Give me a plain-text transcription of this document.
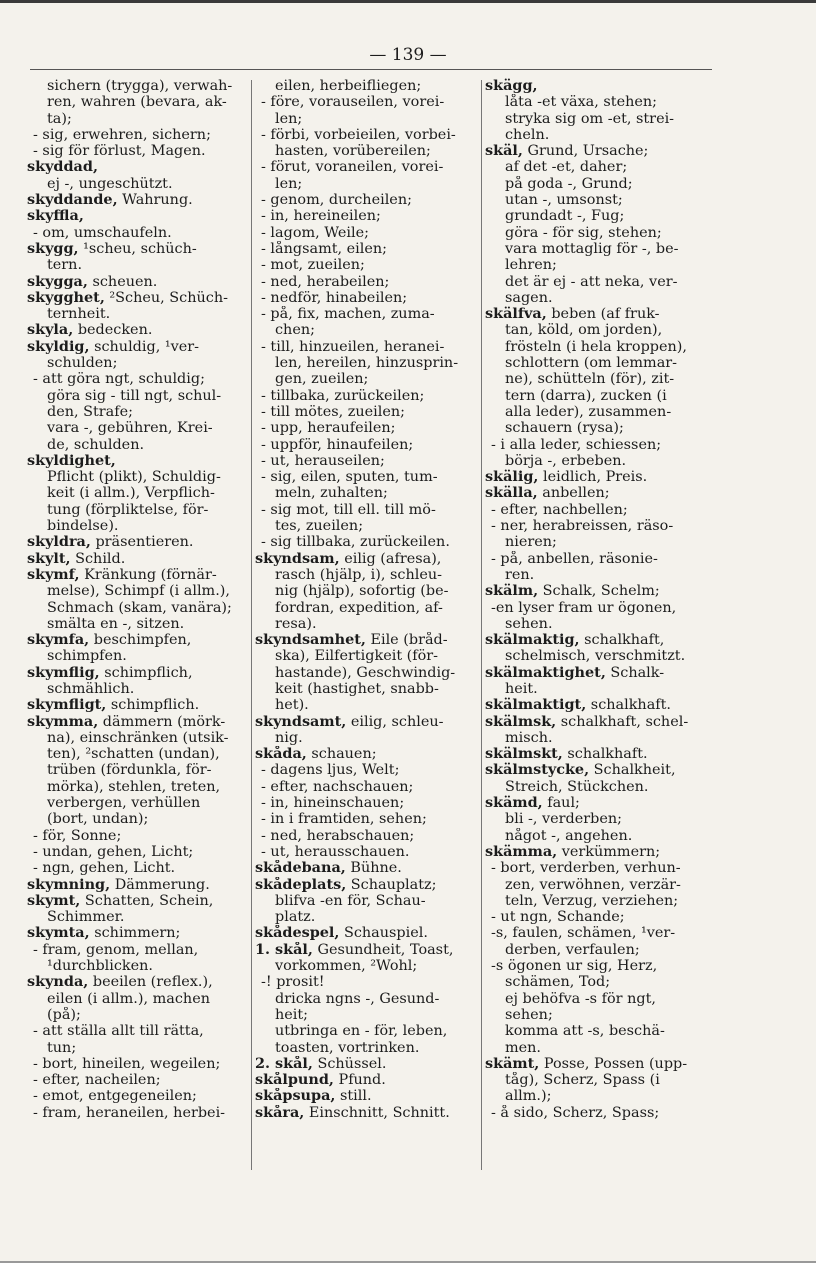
— 139 —
sichern (trygga), verwah-
ren, wahren (bevara, ak-
ta);
- sig, erwehren, sichern;
- sig för förlust, Magen.
skyddad,
ej -, ungeschützt.
skyddande, Wahrung.
skyffla,
- om, umschaufeln.
skygg, ¹scheu, schüch-
tern.
skygga, scheuen.
skygghet, ²Scheu, Schüch-
ternheit.
skyla, bedecken.
skyldig, schuldig, ¹ver-
schulden;
- att göra ngt, schuldig;
göra sig - till ngt, schul-
den, Strafe;
vara -, gebühren, Krei-
de, schulden.
skyldighet,
Pflicht (plikt), Schuldig-
keit (i allm.), Verpflich-
tung (förpliktelse, för-
bindelse).
skyldra, präsentieren.
skylt, Schild.
skymf, Kränkung (förnär-
melse), Schimpf (i allm.),
Schmach (skam, vanära);
smälta en -, sitzen.
skymfa, beschimpfen,
schimpfen.
skymflig, schimpflich,
schmählich.
skymfligt, schimpflich.
skymma, dämmern (mörk-
na), einschränken (utsik-
ten), ²schatten (undan),
trüben (fördunkla, för-
mörka), stehlen, treten,
verbergen, verhüllen
(bort, undan);
- för, Sonne;
- undan, gehen, Licht;
- ngn, gehen, Licht.
skymning, Dämmerung.
skymt, Schatten, Schein,
Schimmer.
skymta, schimmern;
- fram, genom, mellan,
¹durchblicken.
skynda, beeilen (reflex.),
eilen (i allm.), machen
(på);
- att ställa allt till rätta,
tun;
- bort, hineilen, wegeilen;
- efter, nacheilen;
- emot, entgegeneilen;
- fram, heraneilen, herbei-
eilen, herbeifliegen;
- före, vorauseilen, vorei-
len;
- förbi, vorbeieilen, vorbei-
hasten, vorübereilen;
- förut, voraneilen, vorei-
len;
- genom, durcheilen;
- in, hereineilen;
- lagom, Weile;
- långsamt, eilen;
- mot, zueilen;
- ned, herabeilen;
- nedför, hinabeilen;
- på, fix, machen, zuma-
chen;
- till, hinzueilen, heranei-
len, hereilen, hinzusprin-
gen, zueilen;
- tillbaka, zurückeilen;
- till mötes, zueilen;
- upp, heraufeilen;
- uppför, hinaufeilen;
- ut, herauseilen;
- sig, eilen, sputen, tum-
meln, zuhalten;
- sig mot, till ell. till mö-
tes, zueilen;
- sig tillbaka, zurückeilen.
skyndsam, eilig (afresa),
rasch (hjälp, i), schleu-
nig (hjälp), sofortig (be-
fordran, expedition, af-
resa).
skyndsamhet, Eile (bråd-
ska), Eilfertigkeit (för-
hastande), Geschwindig-
keit (hastighet, snabb-
het).
skyndsamt, eilig, schleu-
nig.
skåda, schauen;
- dagens ljus, Welt;
- efter, nachschauen;
- in, hineinschauen;
- in i framtiden, sehen;
- ned, herabschauen;
- ut, herausschauen.
skådebana, Bühne.
skådeplats, Schauplatz;
blifva -en för, Schau-
platz.
skådespel, Schauspiel.
1. skål, Gesundheit, Toast,
vorkommen, ²Wohl;
-! prosit!
dricka ngns -, Gesund-
heit;
utbringa en - för, leben,
toasten, vortrinken.
2. skål, Schüssel.
skålpund, Pfund.
skåpsupa, still.
skåra, Einschnitt, Schnitt.
skägg,
låta -et växa, stehen;
stryka sig om -et, strei-
cheln.
skäl, Grund, Ursache;
af det -et, daher;
på goda -, Grund;
utan -, umsonst;
grundadt -, Fug;
göra - för sig, stehen;
vara mottaglig för -, be-
lehren;
det är ej - att neka, ver-
sagen.
skälfva, beben (af fruk-
tan, köld, om jorden),
frösteln (i hela kroppen),
schlottern (om lemmar-
ne), schütteln (för), zit-
tern (darra), zucken (i
alla leder), zusammen-
schauern (rysa);
- i alla leder, schiessen;
börja -, erbeben.
skälig, leidlich, Preis.
skälla, anbellen;
- efter, nachbellen;
- ner, herabreissen, räso-
nieren;
- på, anbellen, räsonie-
ren.
skälm, Schalk, Schelm;
-en lyser fram ur ögonen,
sehen.
skälmaktig, schalkhaft,
schelmisch, verschmitzt.
skälmaktighet, Schalk-
heit.
skälmaktigt, schalkhaft.
skälmsk, schalkhaft, schel-
misch.
skälmskt, schalkhaft.
skälmstycke, Schalkheit,
Streich, Stückchen.
skämd, faul;
bli -, verderben;
något -, angehen.
skämma, verkümmern;
- bort, verderben, verhun-
zen, verwöhnen, verzär-
teln, Verzug, verziehen;
- ut ngn, Schande;
-s, faulen, schämen, ¹ver-
derben, verfaulen;
-s ögonen ur sig, Herz,
schämen, Tod;
ej behöfva -s för ngt,
sehen;
komma att -s, beschä-
men.
skämt, Posse, Possen (upp-
tåg), Scherz, Spass (i
allm.);
- å sido, Scherz, Spass;
